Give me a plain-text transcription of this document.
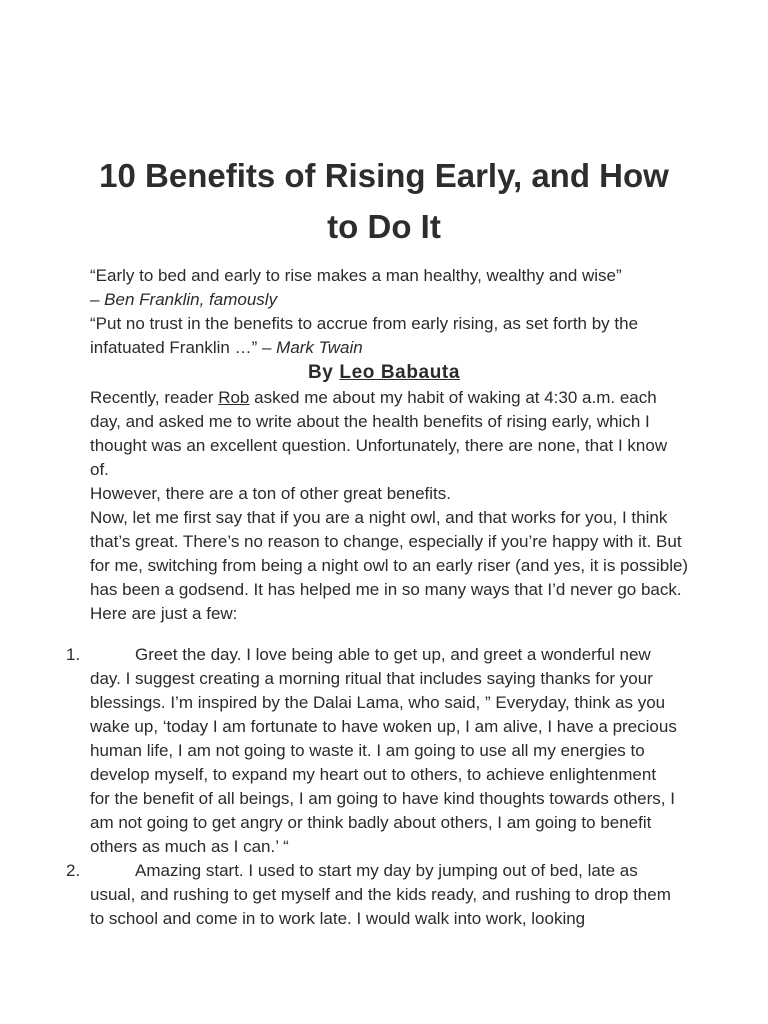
10 Benefits of Rising Early, and How to Do It

“Early to bed and early to rise makes a man healthy, wealthy and wise”

– Ben Franklin, famously

“Put no trust in the benefits to accrue from early rising, as set forth by the infatuated Franklin …” – Mark Twain

By Leo Babauta

Recently, reader Rob asked me about my habit of waking at 4:30 a.m. each day, and asked me to write about the health benefits of rising early, which I thought was an excellent question. Unfortunately, there are none, that I know of.

However, there are a ton of other great benefits.

Now, let me first say that if you are a night owl, and that works for you, I think that’s great. There’s no reason to change, especially if you’re happy with it. But for me, switching from being a night owl to an early riser (and yes, it is possible) has been a godsend. It has helped me in so many ways that I’d never go back. Here are just a few:

1.	Greet the day. I love being able to get up, and greet a wonderful new day. I suggest creating a morning ritual that includes saying thanks for your blessings. I’m inspired by the Dalai Lama, who said, ” Everyday, think as you wake up, ‘today I am fortunate to have woken up, I am alive, I have a precious human life, I am not going to waste it. I am going to use all my energies to develop myself, to expand my heart out to others, to achieve enlightenment for the benefit of all beings, I am going to have kind thoughts towards others, I am not going to get angry or think badly about others, I am going to benefit others as much as I can.’ “
2.	Amazing start. I used to start my day by jumping out of bed, late as usual, and rushing to get myself and the kids ready, and rushing to drop them to school and come in to work late. I would walk into work, looking
